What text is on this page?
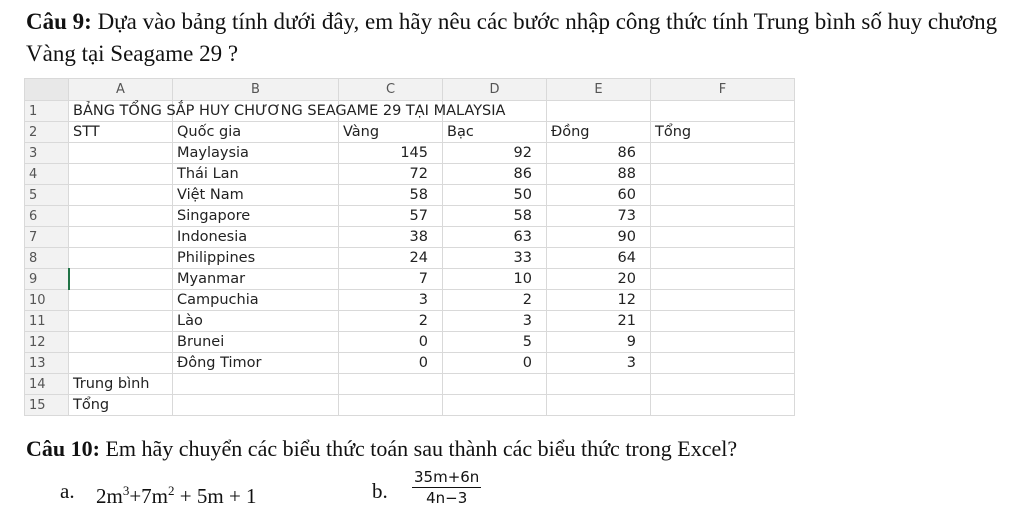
Câu 9: Dựa vào bảng tính dưới đây, em hãy nêu các bước nhập công thức tính Trung bình số huy chương Vàng tại Seagame 29 ?
	A	B	C	D	E	F
1	BẢNG TỔNG SẮP HUY CHƯƠNG SEAGAME 29 TẠI MALAYSIA					
2	STT	Quốc gia	Vàng	Bạc	Đồng	Tổng
3		Maylaysia	145	92	86	
4		Thái Lan	72	86	88	
5		Việt Nam	58	50	60	
6		Singapore	57	58	73	
7		Indonesia	38	63	90	
8		Philippines	24	33	64	
9		Myanmar	7	10	20	
10		Campuchia	3	2	12	
11		Lào	2	3	21	
12		Brunei	0	5	9	
13		Đông Timor	0	0	3	
14	Trung bình					
15	Tổng					
Câu 10: Em hãy chuyển các biểu thức toán sau thành các biểu thức trong Excel?
a. $2m^3+7m^2 + 5m + 1$	b.
35m+6n
4n−3
